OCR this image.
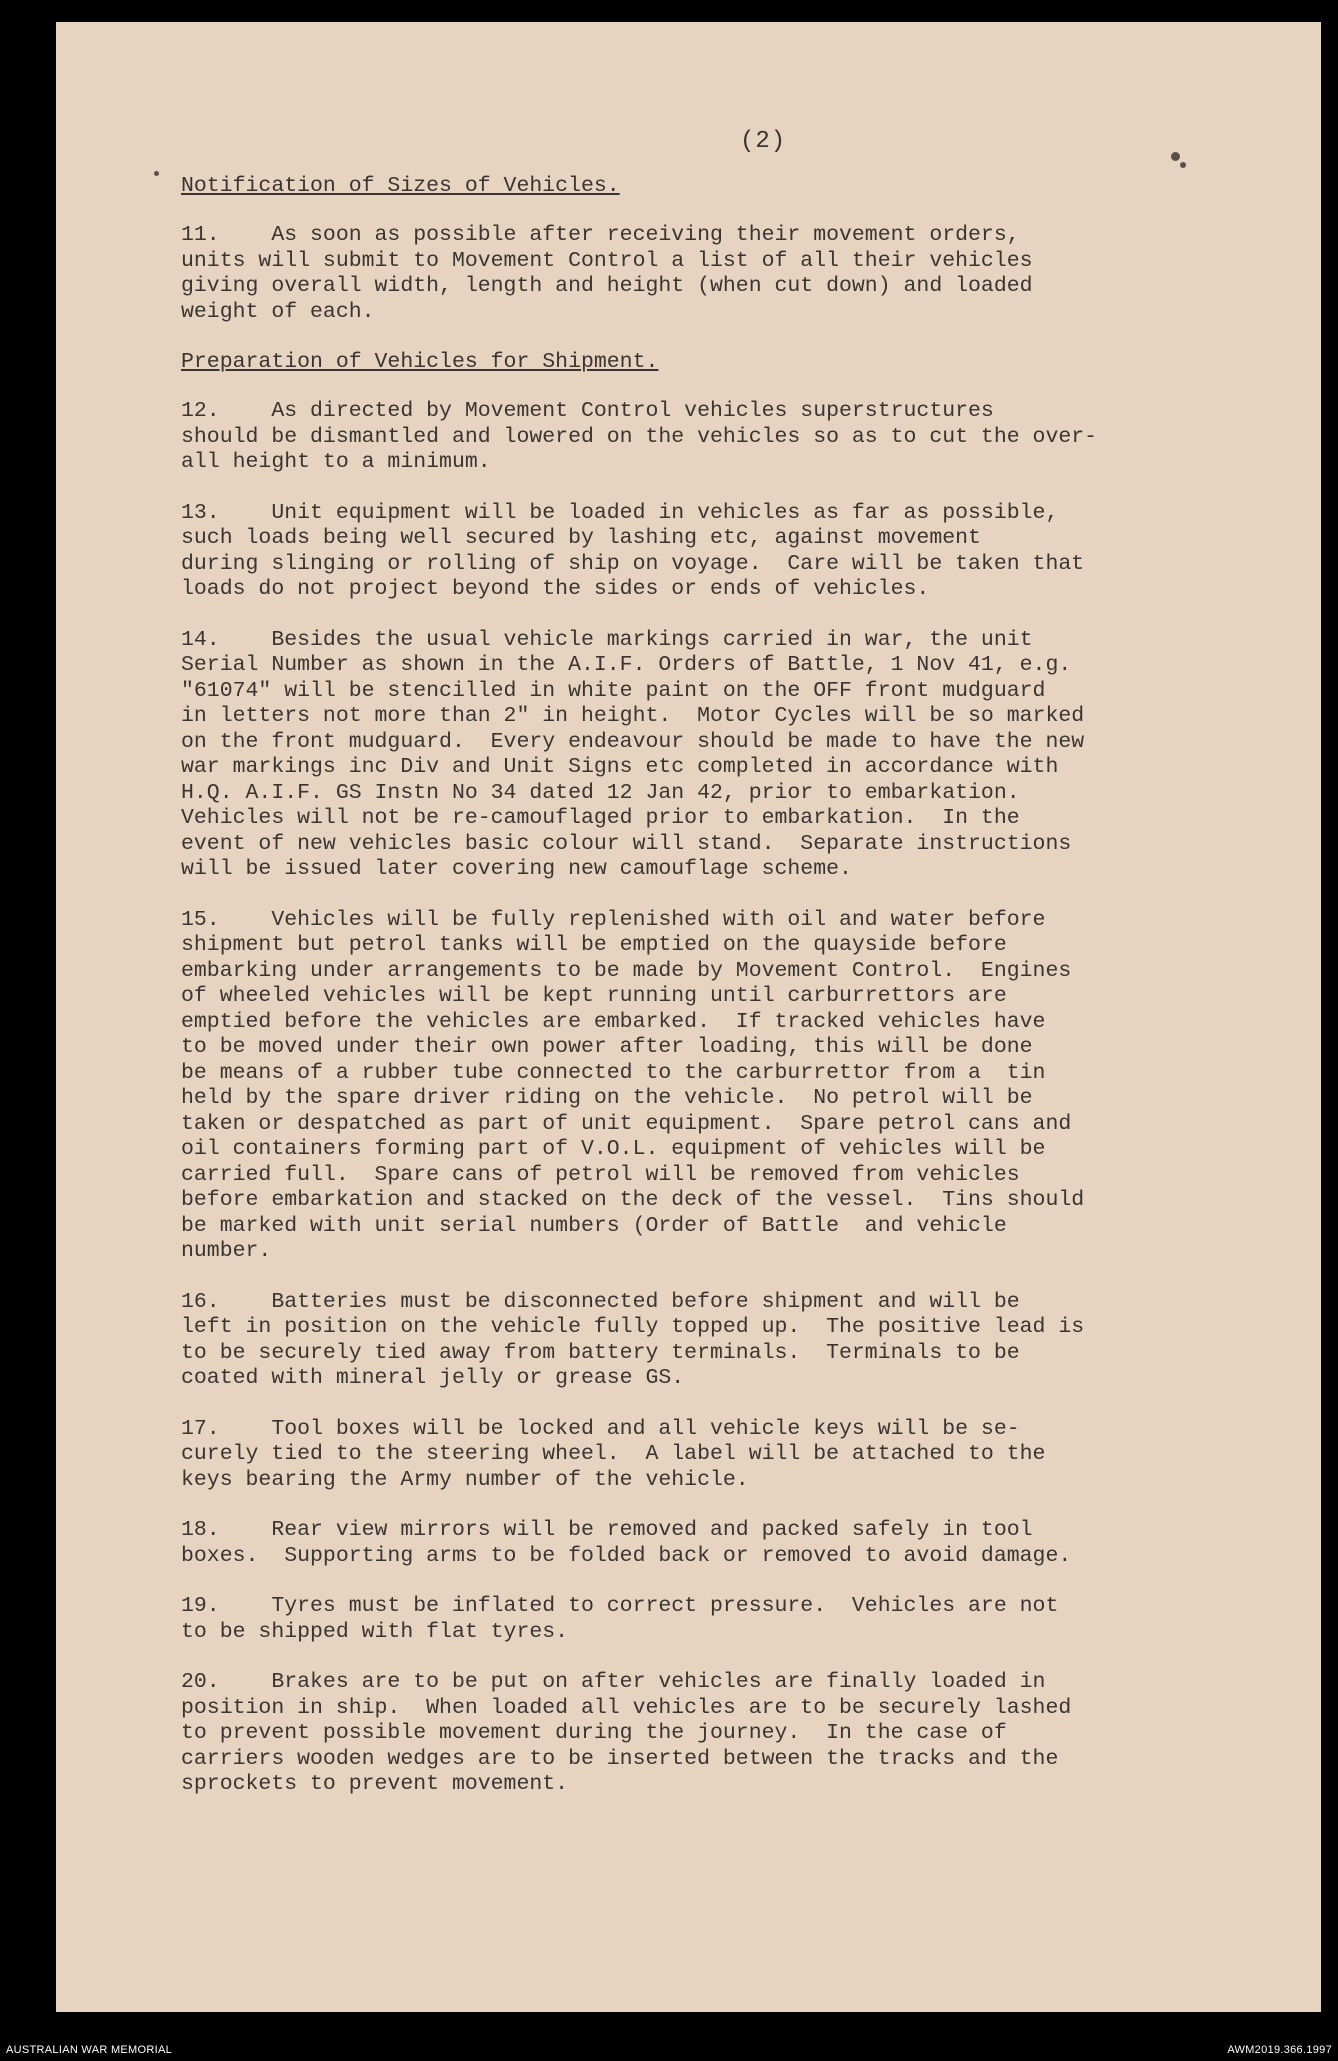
(2)

Notification of Sizes of Vehicles.

11.    As soon as possible after receiving their movement orders,
units will submit to Movement Control a list of all their vehicles
giving overall width, length and height (when cut down) and loaded
weight of each.

Preparation of Vehicles for Shipment.

12.    As directed by Movement Control vehicles superstructures
should be dismantled and lowered on the vehicles so as to cut the over-
all height to a minimum.
13.    Unit equipment will be loaded in vehicles as far as possible,
such loads being well secured by lashing etc, against movement
during slinging or rolling of ship on voyage.  Care will be taken that
loads do not project beyond the sides or ends of vehicles.
14.    Besides the usual vehicle markings carried in war, the unit
Serial Number as shown in the A.I.F. Orders of Battle, 1 Nov 41, e.g.
"61074" will be stencilled in white paint on the OFF front mudguard
in letters not more than 2" in height.  Motor Cycles will be so marked
on the front mudguard.  Every endeavour should be made to have the new
war markings inc Div and Unit Signs etc completed in accordance with
H.Q. A.I.F. GS Instn No 34 dated 12 Jan 42, prior to embarkation.
Vehicles will not be re-camouflaged prior to embarkation.  In the
event of new vehicles basic colour will stand.  Separate instructions
will be issued later covering new camouflage scheme.
15.    Vehicles will be fully replenished with oil and water before
shipment but petrol tanks will be emptied on the quayside before
embarking under arrangements to be made by Movement Control.  Engines
of wheeled vehicles will be kept running until carburrettors are
emptied before the vehicles are embarked.  If tracked vehicles have
to be moved under their own power after loading, this will be done
be means of a rubber tube connected to the carburrettor from a  tin
held by the spare driver riding on the vehicle.  No petrol will be
taken or despatched as part of unit equipment.  Spare petrol cans and
oil containers forming part of V.O.L. equipment of vehicles will be
carried full.  Spare cans of petrol will be removed from vehicles
before embarkation and stacked on the deck of the vessel.  Tins should
be marked with unit serial numbers (Order of Battle  and vehicle
number.
16.    Batteries must be disconnected before shipment and will be
left in position on the vehicle fully topped up.  The positive lead is
to be securely tied away from battery terminals.  Terminals to be
coated with mineral jelly or grease GS.
17.    Tool boxes will be locked and all vehicle keys will be se-
curely tied to the steering wheel.  A label will be attached to the
keys bearing the Army number of the vehicle.
18.    Rear view mirrors will be removed and packed safely in tool
boxes.  Supporting arms to be folded back or removed to avoid damage.
19.    Tyres must be inflated to correct pressure.  Vehicles are not
to be shipped with flat tyres.
20.    Brakes are to be put on after vehicles are finally loaded in
position in ship.  When loaded all vehicles are to be securely lashed
to prevent possible movement during the journey.  In the case of
carriers wooden wedges are to be inserted between the tracks and the
sprockets to prevent movement.
AUSTRALIAN WAR MEMORIAL	AWM2019.366.1997
